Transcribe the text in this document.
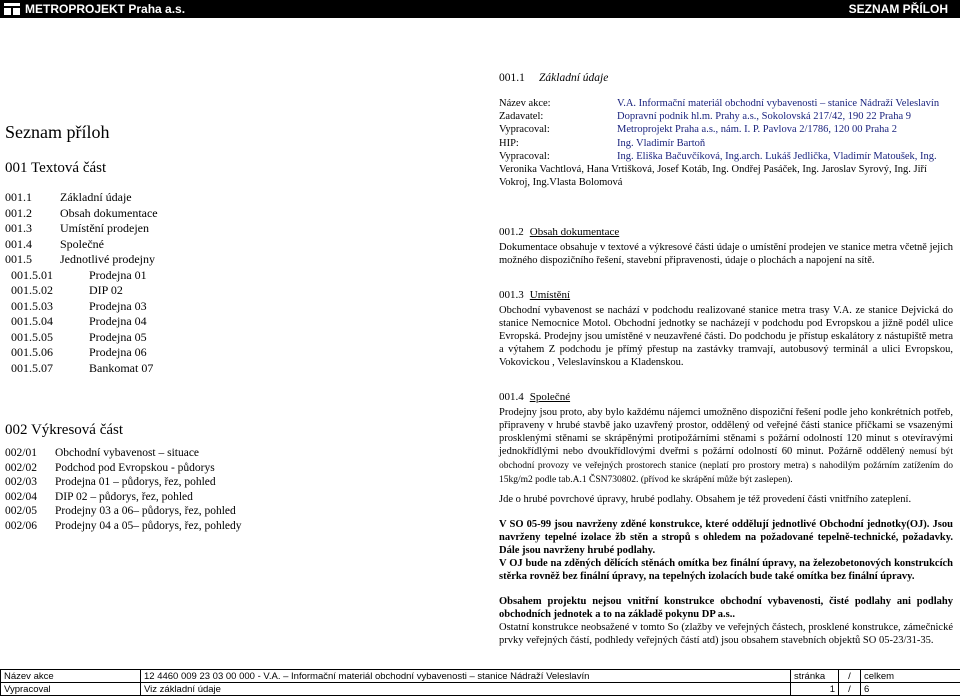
METROPROJEKT Praha a.s.	SEZNAM PŘÍLOH
Seznam příloh
001 Textová část
001.1 Základní údaje
001.2 Obsah dokumentace
001.3 Umístění prodejen
001.4 Společné
001.5 Jednotlivé prodejny
001.5.01	Prodejna 01
001.5.02	DIP 02
001.5.03	Prodejna 03
001.5.04	Prodejna 04
001.5.05	Prodejna 05
001.5.06	Prodejna 06
001.5.07	Bankomat 07
002 Výkresová část
002/01 Obchodní vybavenost – situace
002/02 Podchod pod Evropskou - půdorys
002/03 Prodejna 01 – půdorys, řez, pohled
002/04 DIP 02 – půdorys, řez, pohled
002/05 Prodejny 03 a 06– půdorys, řez, pohled
002/06 Prodejny 04 a 05– půdorys, řez, pohledy
001.1 Základní údaje
Název akce:	V.A. Informační materiál obchodní vybavenosti – stanice Nádraží Veleslavín
Zadavatel:	Dopravní podnik hl.m. Prahy a.s., Sokolovská 217/42, 190 22 Praha 9
Vypracoval:	Metroprojekt Praha a.s., nám. I. P. Pavlova 2/1786, 120 00 Praha 2
HIP:	Ing. Vladimír Bartoň
Vypracoval:	Ing. Eliška Bačuvčíková, Ing.arch. Lukáš Jedlička, Vladimír Matoušek, Ing.
Veronika Vachtlová, Hana Vrtišková, Josef Kotáb, Ing. Ondřej Pasáček, Ing. Jaroslav Syrový, Ing. Jiří Vokroj, Ing.Vlasta Bolomová
001.2 Obsah dokumentace

Dokumentace obsahuje v textové a výkresové části údaje o umístění prodejen ve stanice metra včetně jejich možného dispozičního řešení, stavební připravenosti, údaje o plochách a napojení na sítě.

001.3 Umístění

Obchodní vybavenost se nachází v podchodu realizované stanice metra trasy V.A. ze stanice Dejvická do stanice Nemocnice Motol. Obchodní jednotky se nacházejí v podchodu pod Evropskou a jižně podél ulice Evropská. Prodejny jsou umístěné v neuzavřené části. Do podchodu je přístup eskalátory z nástupiště metra a výtahem Z podchodu je přímý přestup na zastávky tramvají, autobusový terminál a ulici Evropskou, Vokovickou , Veleslavínskou a Kladenskou.

001.4 Společné

Prodejny jsou proto, aby bylo každému nájemci umožněno dispoziční řešení podle jeho konkrétních potřeb, připraveny v hrubé stavbě jako uzavřený prostor, oddělený od veřejné části stanice příčkami se vsazenými prosklenými stěnami se skrápěnými protipožárními stěnami s požární odolností 120 minut s otevíravými jednokřídlými nebo dvoukřídlovými dveřmi s požární odolností 60 minut. Požárně oddělený nemusí být obchodní provozy ve veřejných prostorech stanice (neplatí pro prostory metra) s nahodilým požárním zatížením do 15kg/m2 podle tab.A.1 ČSN730802. (přívod ke skrápění může být zaslepen).

Jde o hrubé povrchové úpravy, hrubé podlahy. Obsahem je též provedení části vnitřního zateplení.

V SO 05-99 jsou navrženy zděné konstrukce, které oddělují jednotlivé Obchodní jednotky(OJ). Jsou navrženy tepelné izolace žb stěn a stropů s ohledem na požadované tepelně-technické, požadavky. Dále jsou navrženy hrubé podlahy.

V OJ bude na zděných dělících stěnách omítka bez finální úpravy, na železobetonových konstrukcích stěrka rovněž bez finální úpravy, na tepelných izolacích bude také omítka bez finální úpravy.

Obsahem projektu nejsou vnitřní konstrukce obchodní vybavenosti, čisté podlahy ani podlahy obchodních jednotek a to na základě pokynu DP a.s..

Ostatní konstrukce neobsažené v tomto So (zlažby ve veřejných částech, prosklené konstrukce, zámečnické prvky veřejných částí, podhledy veřejných částí atd) jsou obsahem stavebních objektů SO 05-23/31-35.

Název akce	12 4460 009 23 03 00 000 - V.A. – Informační materiál obchodní vybavenosti – stanice Nádraží Veleslavín	stránka	/	celkem
Vypracoval	Viz základní údaje	1	/	6
